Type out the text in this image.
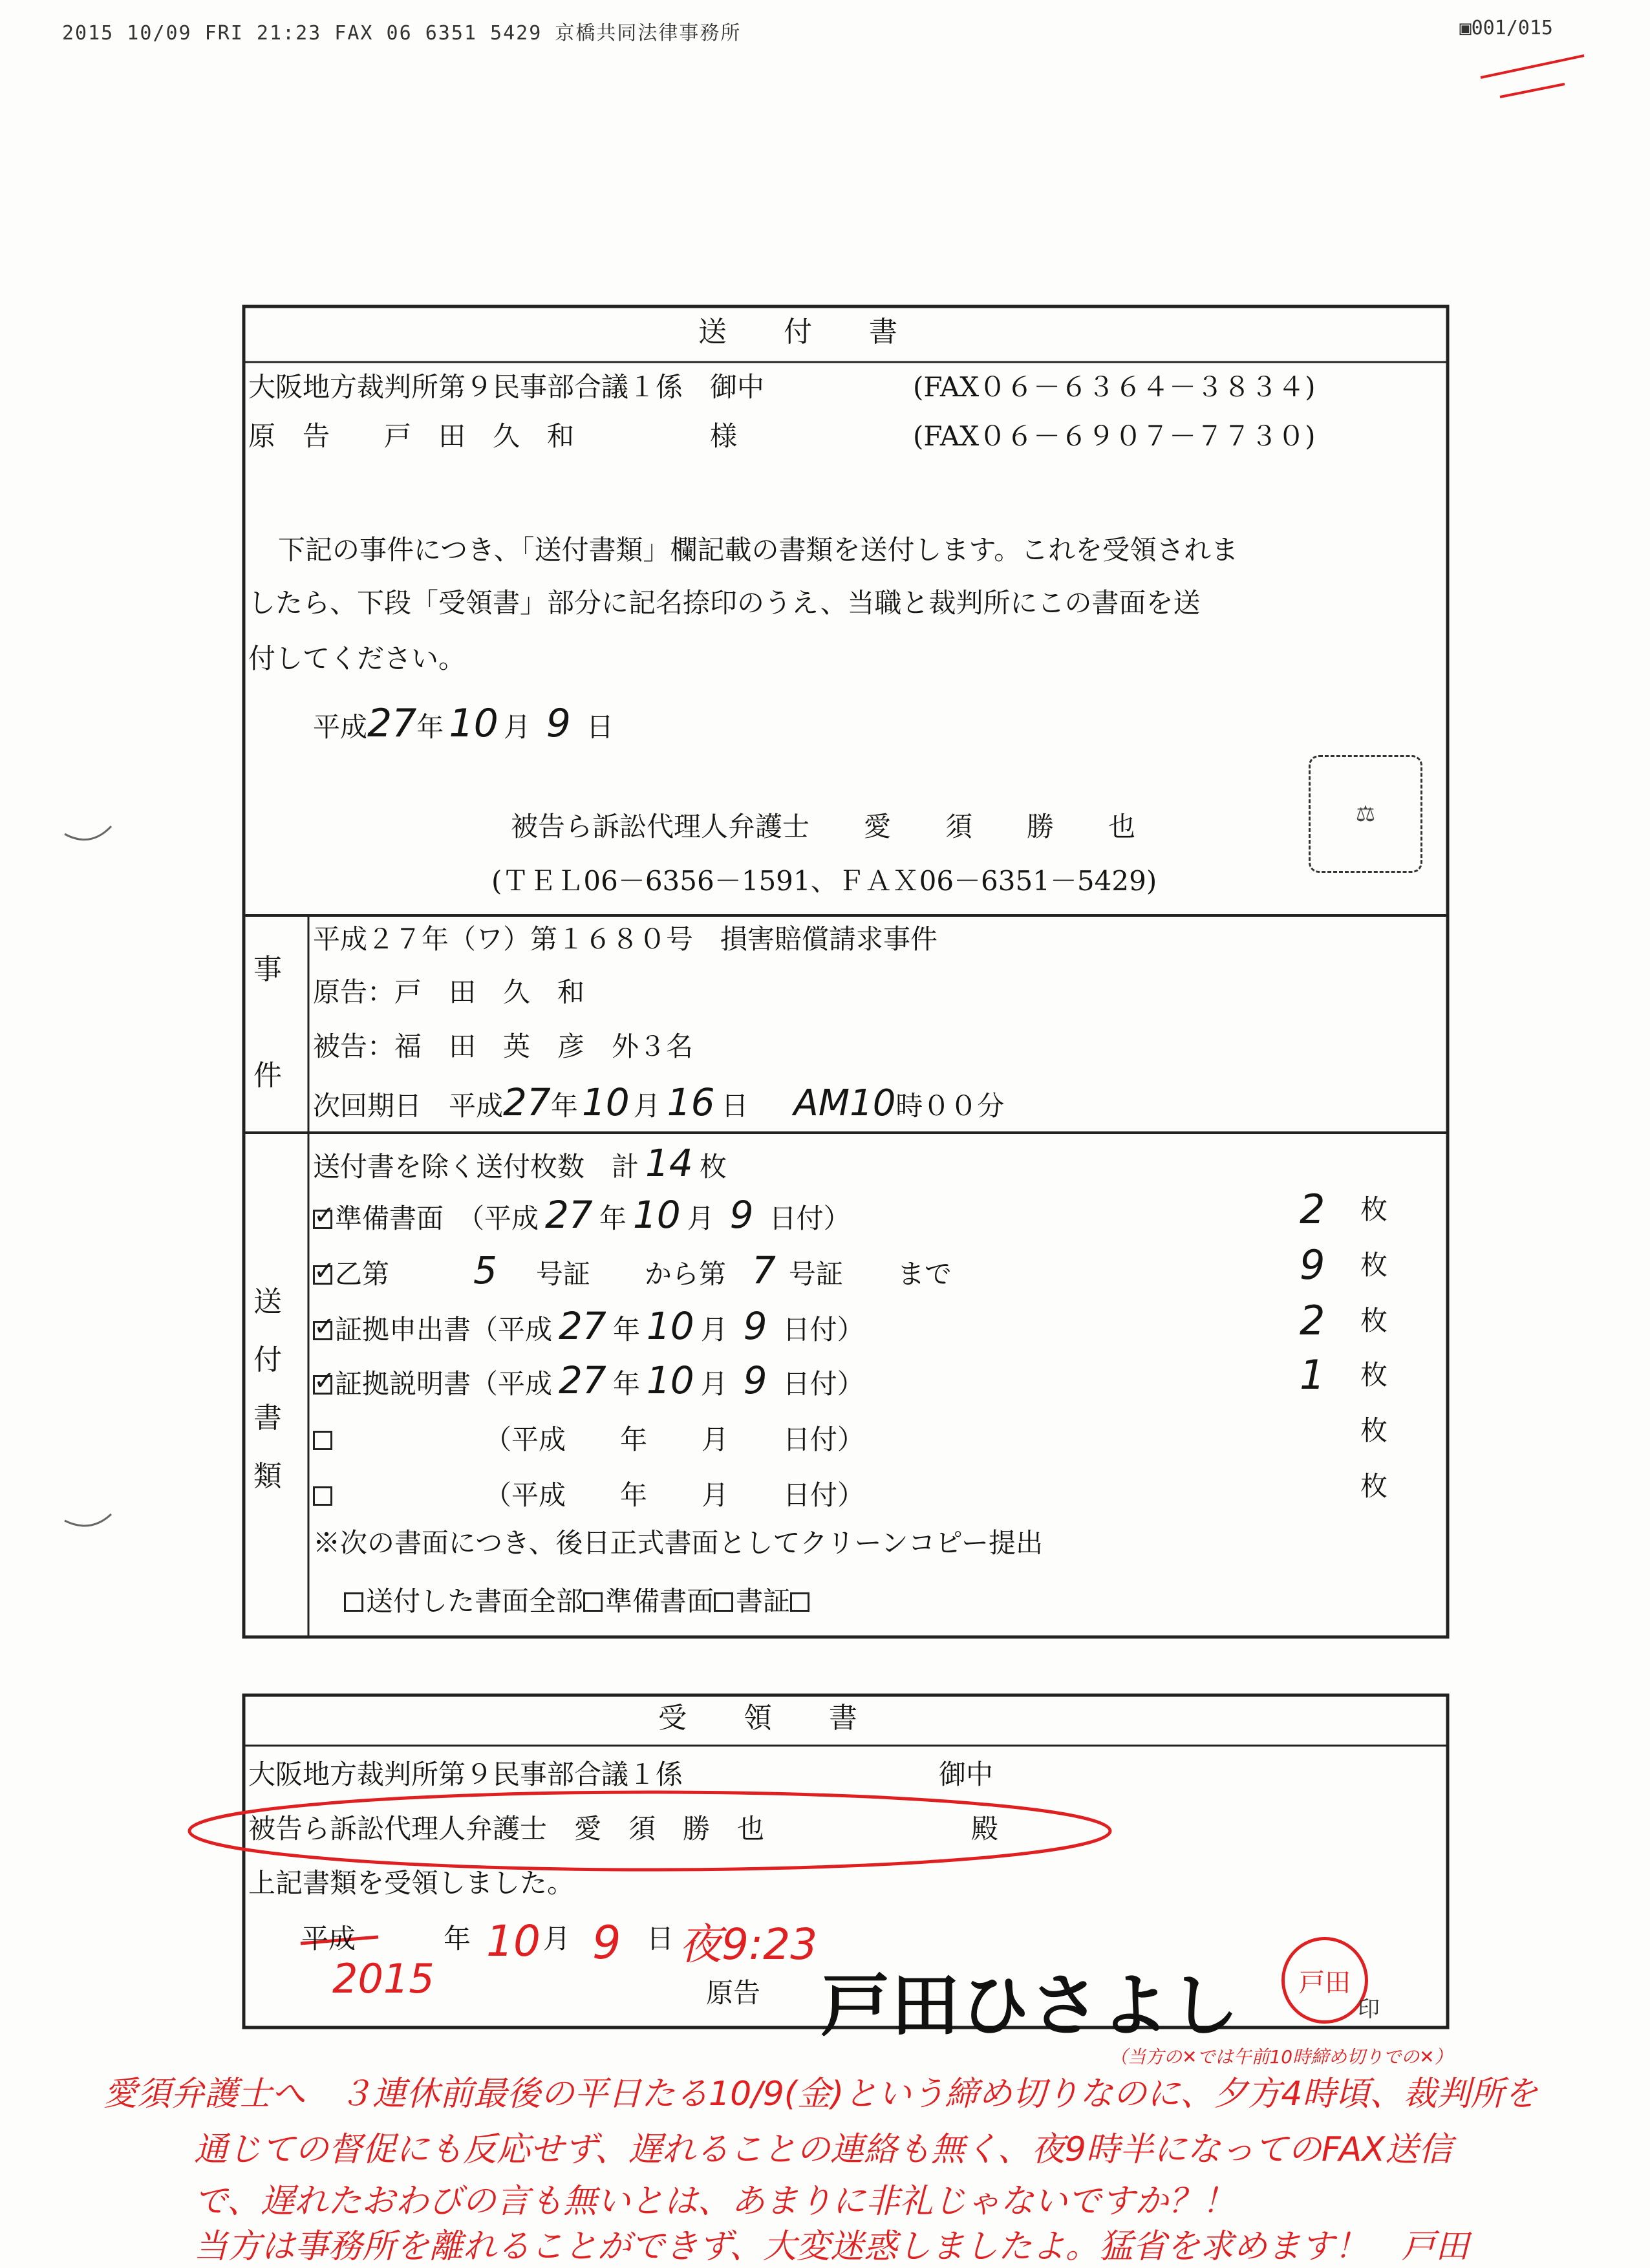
2015 10/09 FRI 21:23 FAX 06 6351 5429 京橋共同法律事務所	▣001/015
送　　付　　書
大阪地方裁判所第９民事部合議１係　御中	(FAX０６－６３６４－３８３４)
原　告　　戸　田　久　和　　　　　様	(FAX０６－６９０７－７７３０)
下記の事件につき、「送付書類」欄記載の書類を送付します。これを受領されま
したら、下段「受領書」部分に記名捺印のうえ、当職と裁判所にこの書面を送
付してください。
平成27年 10 月 9 日
被告ら訴訟代理人弁護士　　愛　　須　　勝　　也
(ＴＥＬ06－6356－1591、ＦＡＸ06－6351－5429)
⚖
事
件
平成２７年（ワ）第１６８０号　損害賠償請求事件
原告：戸　田　久　和
被告：福　田　英　彦　外３名
次回期日　平成27年 10 月 16 日 AM10時００分
送
付
書
類
送付書を除く送付枚数　計 14 枚
✓準備書面　（平成 27 年 10 月 9 日付）	2 枚
✓乙第 5 号証　　から第 7 号証　　まで	9 枚
✓証拠申出書（平成 27 年 10 月 9 日付）	2 枚
✓証拠説明書（平成 27 年 10 月 9 日付）	1 枚
　　　　　　（平成　　年　　月　　日付）	枚
　　　　　　（平成　　年　　月　　日付）	枚
※次の書面につき、後日正式書面としてクリーンコピー提出
送付した書面全部 準備書面 書証
受　　領　　書
大阪地方裁判所第９民事部合議１係	御中
被告ら訴訟代理人弁護士　愛　須　勝　也	殿
上記書類を受領しました。
平成
2015
年 10 月 9 日 夜9:23
原告 戸田ひさよし 戸田
印
（当方の✕では午前10時締め切りでの✕）
愛須弁護士へ　３連休前最後の平日たる10/9(金)という締め切りなのに、夕方4時頃、裁判所を
通じての督促にも反応せず、遅れることの連絡も無く、夜9時半になってのFAX送信
で、遅れたおわびの言も無いとは、あまりに非礼じゃないですか？！
当方は事務所を離れることができず、大変迷惑しましたよ。猛省を求めます！　戸田
